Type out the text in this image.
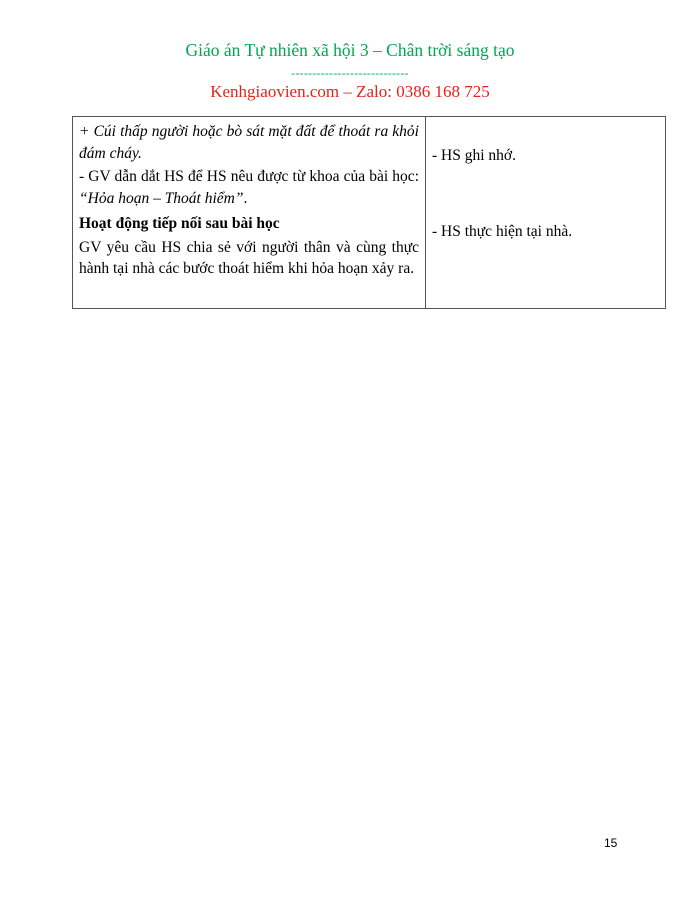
Giáo án Tự nhiên xã hội 3 – Chân trời sáng tạo
----------------------------
Kenhgiaovien.com – Zalo: 0386 168 725

+ Cúi thấp người hoặc bò sát mặt đất để thoát ra khỏi đám cháy.

- GV dẫn dắt HS để HS nêu được từ khoa của bài học: “Hỏa hoạn – Thoát hiểm”.

Hoạt động tiếp nối sau bài học

GV yêu cầu HS chia sẻ với người thân và cùng thực hành tại nhà các bước thoát hiểm khi hỏa hoạn xảy ra.

- HS ghi nhớ.
- HS thực hiện tại nhà.
15
